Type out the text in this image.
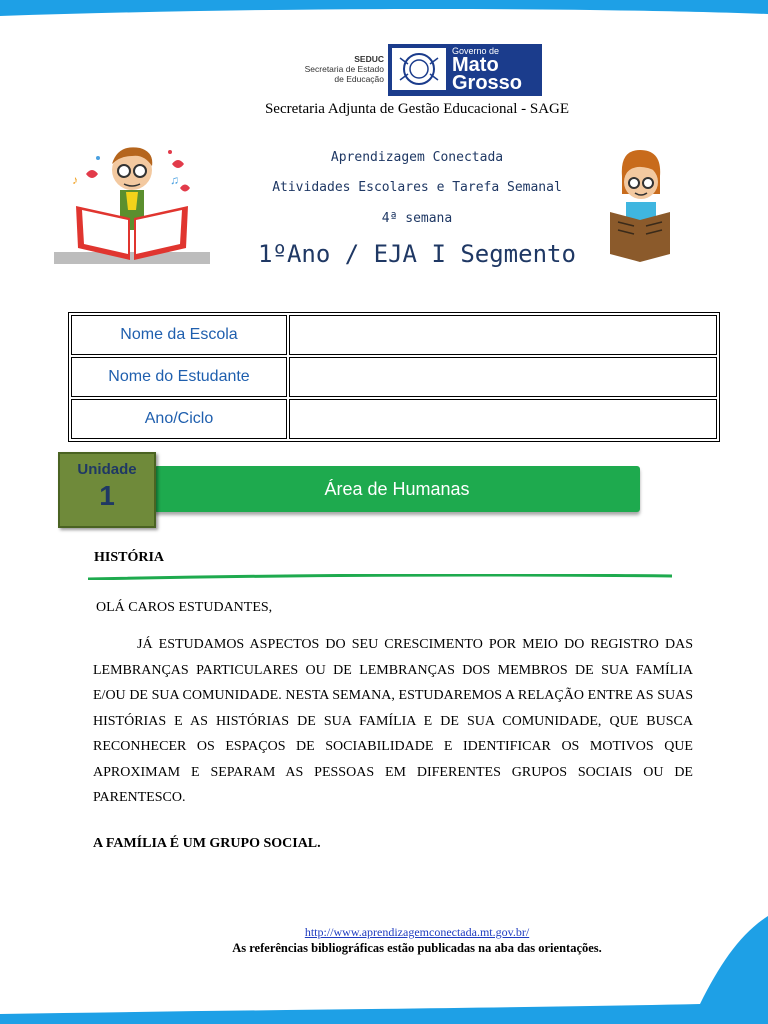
SEDUC
Secretaria de Estado
de Educação
Governo de
Mato
Grosso
Secretaria Adjunta de Gestão Educacional - SAGE
♪	♫
Aprendizagem Conectada
Atividades Escolares e Tarefa Semanal
4ª semana
1ºAno / EJA I Segmento
Nome da Escola	
Nome do Estudante	
Ano/Ciclo	
Área de Humanas
Unidade
1
HISTÓRIA
OLÁ CAROS ESTUDANTES,
JÁ ESTUDAMOS ASPECTOS DO SEU CRESCIMENTO POR MEIO DO REGISTRO DAS LEMBRANÇAS PARTICULARES OU DE LEMBRANÇAS DOS MEMBROS DE SUA FAMÍLIA E/OU DE SUA COMUNIDADE. NESTA SEMANA, ESTUDAREMOS A RELAÇÃO ENTRE AS SUAS HISTÓRIAS E AS HISTÓRIAS DE SUA FAMÍLIA E DE SUA COMUNIDADE, QUE BUSCA RECONHECER OS ESPAÇOS DE SOCIABILIDADE E IDENTIFICAR OS MOTIVOS QUE APROXIMAM E SEPARAM AS PESSOAS EM DIFERENTES GRUPOS SOCIAIS OU DE PARENTESCO.
A FAMÍLIA É UM GRUPO SOCIAL.
http://www.aprendizagemconectada.mt.gov.br/
As referências bibliográficas estão publicadas na aba das orientações.
